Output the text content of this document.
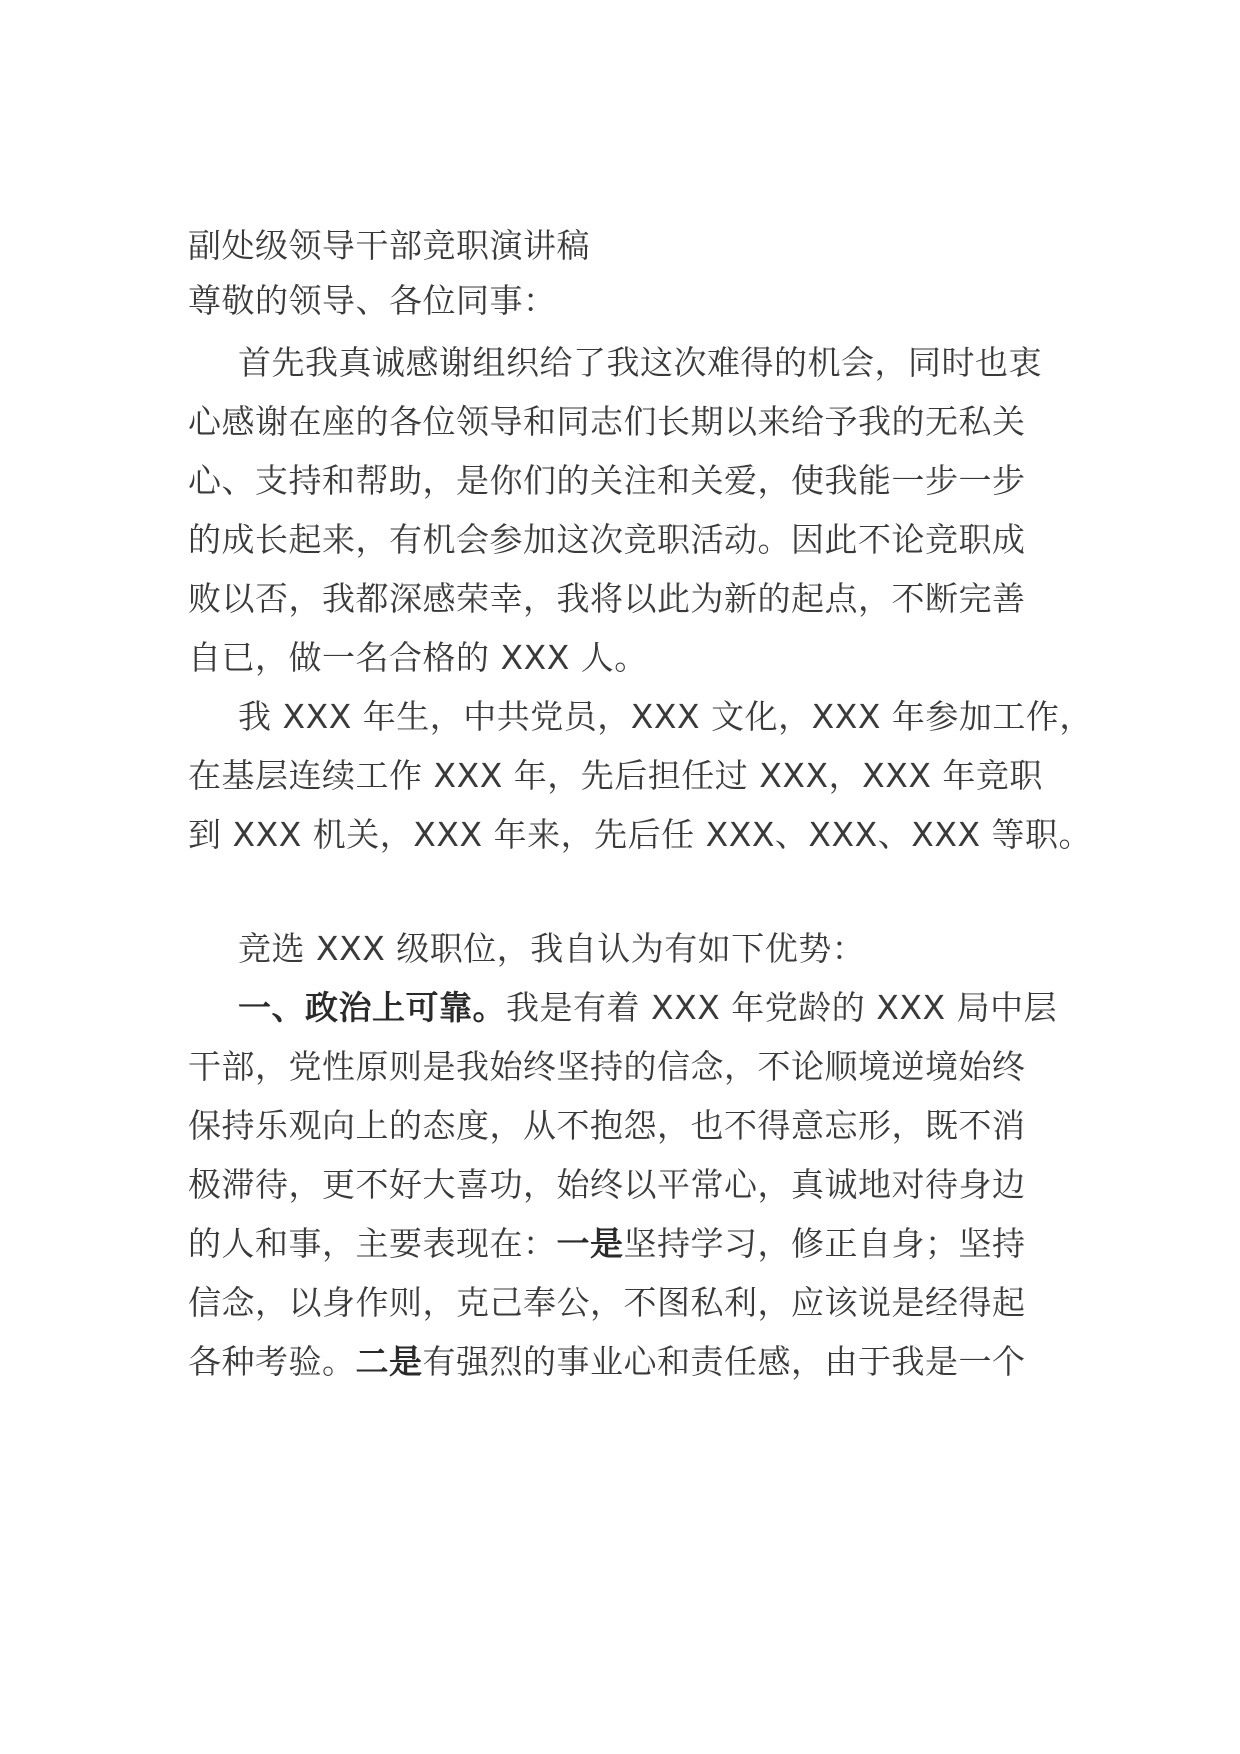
副处级领导干部竞职演讲稿
尊敬的领导、各位同事：
首先我真诚感谢组织给了我这次难得的机会，同时也衷
心感谢在座的各位领导和同志们长期以来给予我的无私关
心、支持和帮助，是你们的关注和关爱，使我能一步一步
的成长起来，有机会参加这次竞职活动。因此不论竞职成
败以否，我都深感荣幸，我将以此为新的起点，不断完善
自已，做一名合格的 XXX 人。
我 XXX 年生，中共党员，XXX 文化，XXX 年参加工作，
在基层连续工作 XXX 年，先后担任过 XXX，XXX 年竞职
到 XXX 机关，XXX 年来，先后任 XXX、XXX、XXX 等职。
竞选 XXX 级职位，我自认为有如下优势：
一、政治上可靠。我是有着 XXX 年党龄的 XXX 局中层
干部，党性原则是我始终坚持的信念，不论顺境逆境始终
保持乐观向上的态度，从不抱怨，也不得意忘形，既不消
极滞待，更不好大喜功，始终以平常心，真诚地对待身边
的人和事，主要表现在：一是坚持学习，修正自身；坚持
信念，以身作则，克己奉公，不图私利，应该说是经得起
各种考验。二是有强烈的事业心和责任感，由于我是一个
